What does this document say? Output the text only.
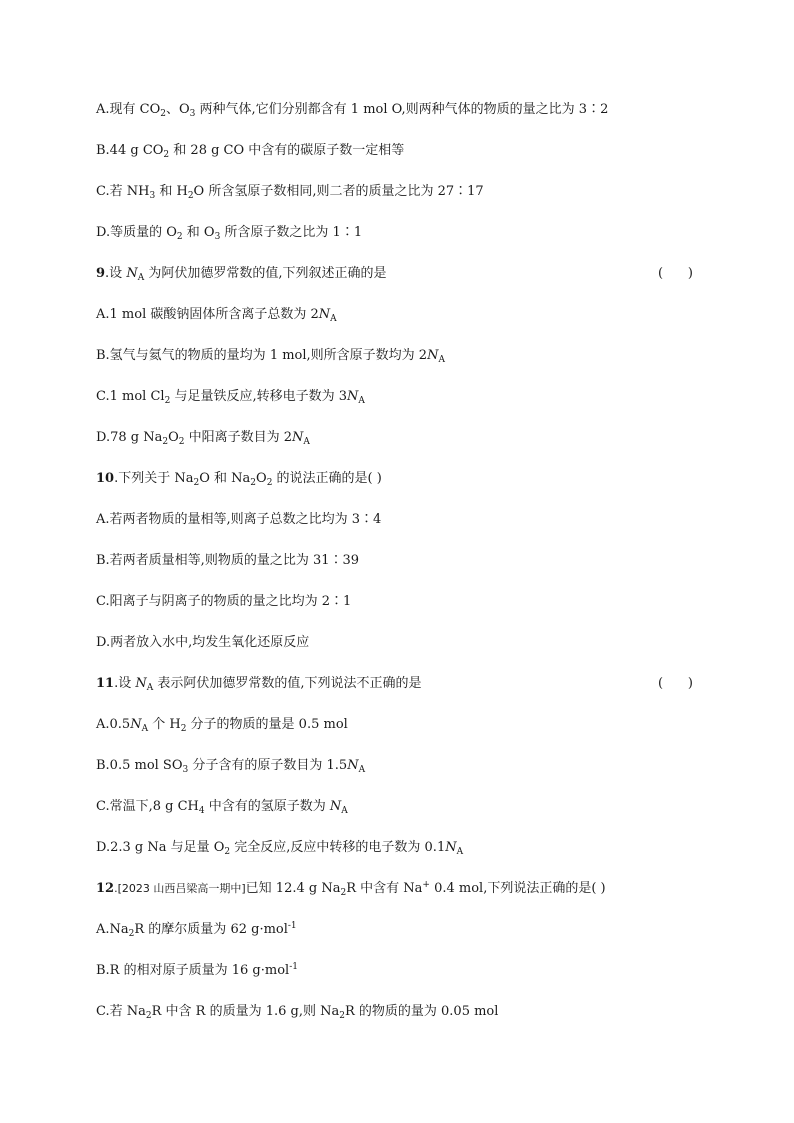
A.现有 $CO_2$、$O_3$ 两种气体,它们分别都含有 1 mol O,则两种气体的物质的量之比为 3∶2
B.44 g $CO_2$ 和 28 g CO 中含有的碳原子数一定相等
C.若 $NH_3$ 和 $H_2O$ 所含氢原子数相同,则二者的质量之比为 27∶17
D.等质量的 $O_2$ 和 $O_3$ 所含原子数之比为 1∶1
9.设 $N_A$ 为阿伏加德罗常数的值,下列叙述正确的是	(      )
A.1 mol 碳酸钠固体所含离子总数为 $2N_A$
B.氢气与氦气的物质的量均为 1 mol,则所含原子数均为 $2N_A$
C.1 mol $Cl_2$ 与足量铁反应,转移电子数为 $3N_A$
D.78 g $Na_2O_2$ 中阳离子数目为 $2N_A$
10.下列关于 $Na_2O$ 和 $Na_2O_2$ 的说法正确的是( )
A.若两者物质的量相等,则离子总数之比均为 3∶4
B.若两者质量相等,则物质的量之比为 31∶39
C.阳离子与阴离子的物质的量之比均为 2∶1
D.两者放入水中,均发生氧化还原反应
11.设 $N_A$ 表示阿伏加德罗常数的值,下列说法不正确的是	(      )
$A.0.5N_A$ 个 $H_2$ 分子的物质的量是 0.5 mol
B.0.5 mol $SO_3$ 分子含有的原子数目为 $1.5N_A$
C.常温下,8 g $CH_4$ 中含有的氢原子数为 $N_A$
D.2.3 g Na 与足量 $O_2$ 完全反应,反应中转移的电子数为 $0.1N_A$
12.[2023 山西吕梁高一期中]已知 12.4 g $Na_2R$ 中含有 Na+ 0.4 mol,下列说法正确的是( )
$A.Na_2R$ 的摩尔质量为 62 g·mol$^{-1}$
B.R 的相对原子质量为 16 g·mol$^{-1}$
C.若 $Na_2R$ 中含 R 的质量为 1.6 g,则 $Na_2R$ 的物质的量为 0.05 mol
